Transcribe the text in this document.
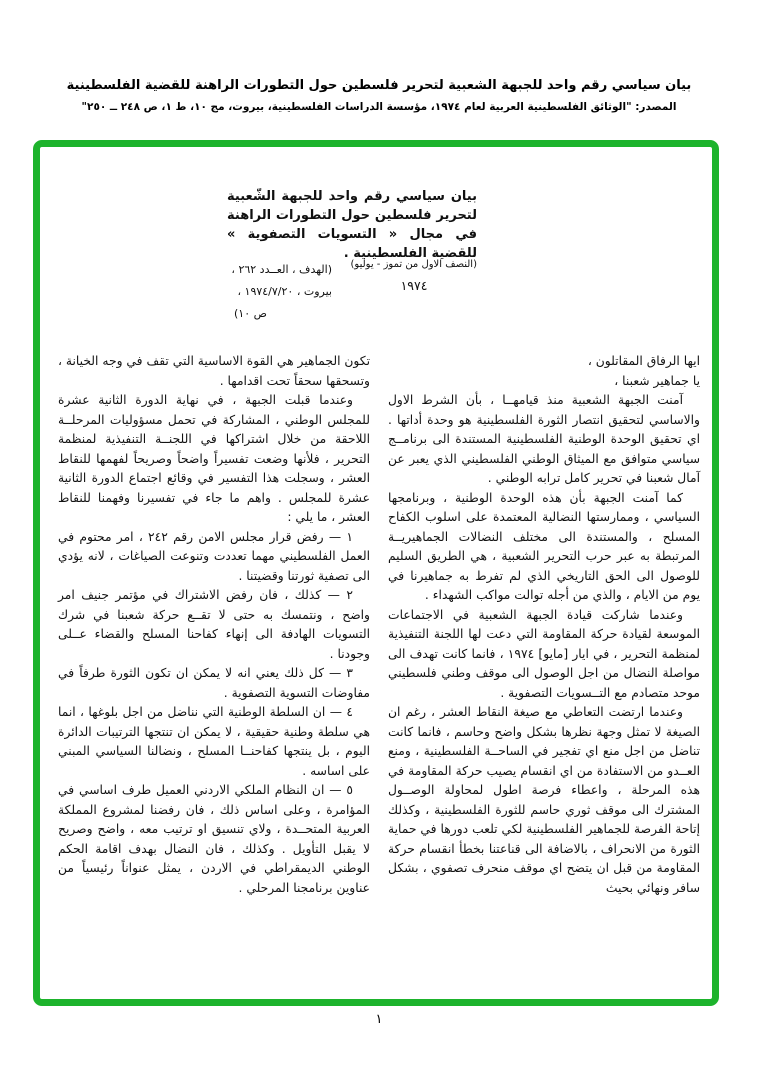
بيان سياسي رقم واحد للجبهة الشعبية لتحرير فلسطين حول التطورات الراهنة للقضية الفلسطينية
المصدر: "الوثائق الفلسطينية العربية لعام ١٩٧٤، مؤسسة الدراسات الفلسطينية، بيروت، مج ١٠، ط ١، ص ٢٤٨ ــ ٢٥٠"
بيان سياسي رقم واحد للجبهة الشّعبية لتحرير فلسطين حول التطورات الراهنة في مجال « التسويات التصفوية » للقضية الفلسطينية .
(النصف الاول من تموز - يوليو)
١٩٧٤
(الهدف ، العــدد ٢٦٢ ،
بيروت ، ١٩٧٤/٧/٢٠ ،
ص ١٠)

ايها الرفاق المقاتلون ،

يا جماهير شعبنا ،

آمنت الجبهة الشعبية منذ قيامهــا ، بأن الشرط الاول والاساسي لتحقيق انتصار الثورة الفلسطينية هو وحدة أداتها . اي تحقيق الوحدة الوطنية الفلسطينية المستندة الى برنامــج سياسي متوافق مع الميثاق الوطني الفلسطيني الذي يعبر عن آمال شعبنا في تحرير كامل ترابه الوطني .

كما آمنت الجبهة بأن هذه الوحدة الوطنية ، وبرنامجها السياسي ، وممارستها النضالية المعتمدة على اسلوب الكفاح المسلح ، والمستندة الى مختلف النضالات الجماهيريــة المرتبطة به عبر حرب التحرير الشعبية ، هي الطريق السليم للوصول الى الحق التاريخي الذي لم تفرط به جماهيرنا في يوم من الايام ، والذي من أجله توالت مواكب الشهداء .

وعندما شاركت قيادة الجبهة الشعبية في الاجتماعات الموسعة لقيادة حركة المقاومة التي دعت لها اللجنة التنفيذية لمنظمة التحرير ، في ايار [مايو] ١٩٧٤ ، فانما كانت تهدف الى مواصلة النضال من اجل الوصول الى موقف وطني فلسطيني موحد متصادم مع التــسويات التصفوية .

وعندما ارتضت التعاطي مع صيغة النقاط العشر ، رغم ان الصيغة لا تمثل وجهة نظرها بشكل واضح وحاسم ، فانما كانت تناضل من اجل منع اي تفجير في الساحــة الفلسطينية ، ومنع العــدو من الاستفادة من اي انقسام يصيب حركة المقاومة في هذه المرحلة ، واعطاء فرصة اطول لمحاولة الوصــول المشترك الى موقف ثوري حاسم للثورة الفلسطينية ، وكذلك إتاحة الفرصة للجماهير الفلسطينية لكي تلعب دورها في حماية الثورة من الانحراف ، بالاضافة الى قناعتنا بخطأ انقسام حركة المقاومة من قبل ان يتضح اي موقف منحرف تصفوي ، بشكل سافر ونهائي بحيث

تكون الجماهير هي القوة الاساسية التي تقف في وجه الخيانة ، وتسحقها سحقاً تحت اقدامها .

وعندما قبلت الجبهة ، في نهاية الدورة الثانية عشرة للمجلس الوطني ، المشاركة في تحمل مسؤوليات المرحلــة اللاحقة من خلال اشتراكها في اللجنــة التنفيذية لمنظمة التحرير ، فلأنها وضعت تفسيراً واضحاً وصريحاً لفهمها للنقاط العشر ، وسجلت هذا التفسير في وقائع اجتماع الدورة الثانية عشرة للمجلس . واهم ما جاء في تفسيرنا وفهمنا للنقاط العشر ، ما يلي :

١ — رفض قرار مجلس الامن رقم ٢٤٢ ، امر محتوم في العمل الفلسطيني مهما تعددت وتنوعت الصياغات ، لانه يؤدي الى تصفية ثورتنا وقضيتنا .

٢ — كذلك ، فان رفض الاشتراك في مؤتمر جنيف امر واضح ، ونتمسك به حتى لا تقــع حركة شعبنا في شرك التسويات الهادفة الى إنهاء كفاحنا المسلح والقضاء عــلى وجودنا .

٣ — كل ذلك يعني انه لا يمكن ان تكون الثورة طرفاً في مفاوضات التسوية التصفوية .

٤ — ان السلطة الوطنية التي نناضل من اجل بلوغها ، انما هي سلطة وطنية حقيقية ، لا يمكن ان تنتجها الترتيبات الدائرة اليوم ، بل ينتجها كفاحنــا المسلح ، ونضالنا السياسي المبني على اساسه .

٥ — ان النظام الملكي الاردني العميل طرف اساسي في المؤامرة ، وعلى اساس ذلك ، فان رفضنا لمشروع المملكة العربية المتحــدة ، ولاي تنسيق او ترتيب معه ، واضح وصريح لا يقبل التأويل . وكذلك ، فان النضال بهدف اقامة الحكم الوطني الديمقراطي في الاردن ، يمثل عنواناً رئيسياً من عناوين برنامجنا المرحلي .

١
